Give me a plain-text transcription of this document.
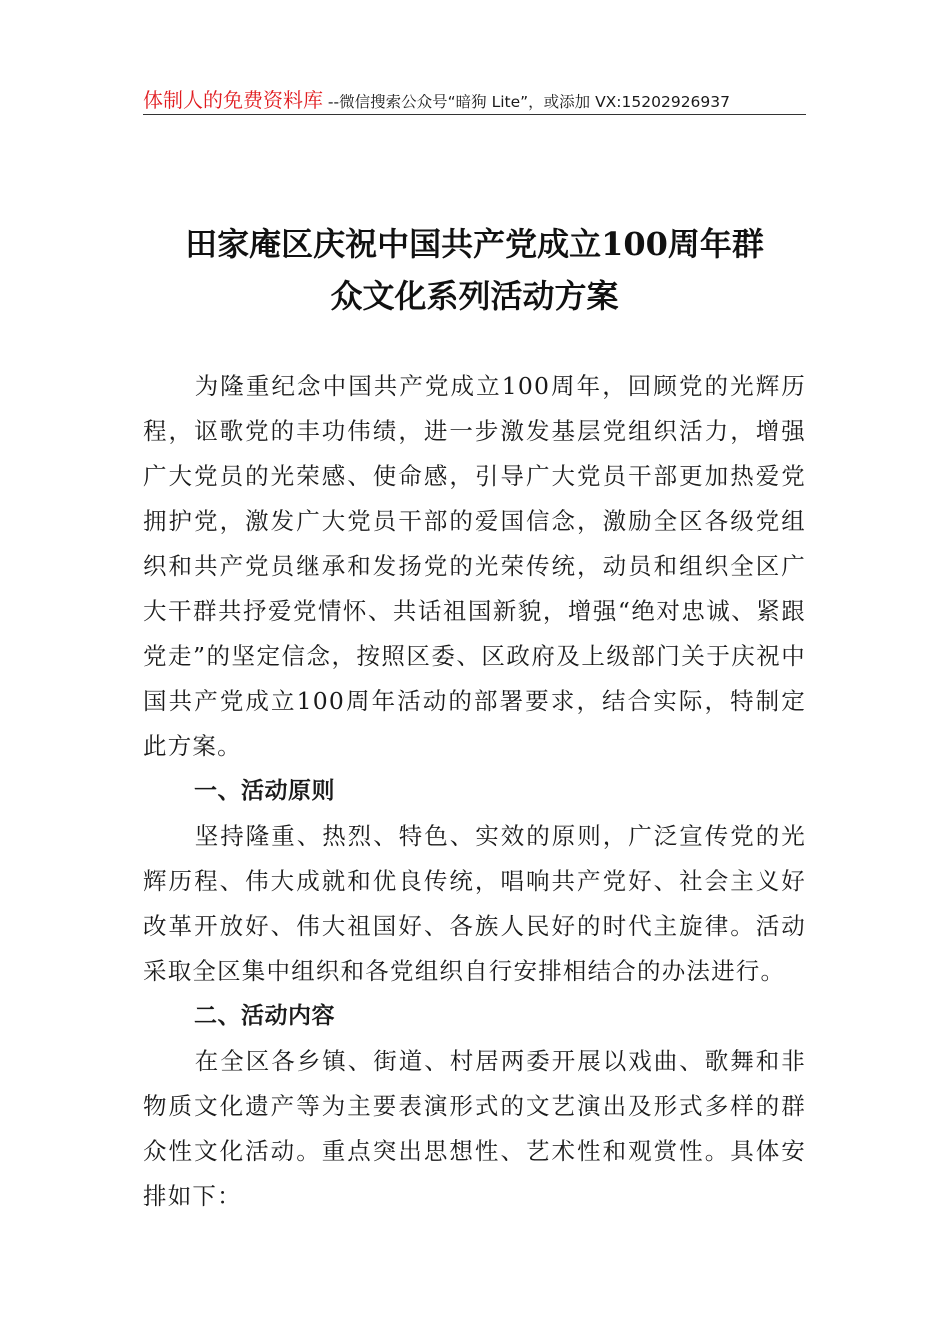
体制人的免费资料库 --微信搜索公众号“暗狗 Lite”，或添加 VX:15202926937
田家庵区庆祝中国共产党成立100周年群
众文化系列活动方案

为隆重纪念中国共产党成立100周年，回顾党的光辉历程，讴歌党的丰功伟绩，进一步激发基层党组织活力，增强广大党员的光荣感、使命感，引导广大党员干部更加热爱党拥护党，激发广大党员干部的爱国信念，激励全区各级党组织和共产党员继承和发扬党的光荣传统，动员和组织全区广大干群共抒爱党情怀、共话祖国新貌，增强“绝对忠诚、紧跟党走”的坚定信念，按照区委、区政府及上级部门关于庆祝中国共产党成立100周年活动的部署要求，结合实际，特制定此方案。

一、活动原则

坚持隆重、热烈、特色、实效的原则，广泛宣传党的光辉历程、伟大成就和优良传统，唱响共产党好、社会主义好改革开放好、伟大祖国好、各族人民好的时代主旋律。活动采取全区集中组织和各党组织自行安排相结合的办法进行。

二、活动内容

在全区各乡镇、街道、村居两委开展以戏曲、歌舞和非物质文化遗产等为主要表演形式的文艺演出及形式多样的群众性文化活动。重点突出思想性、艺术性和观赏性。具体安排如下：
